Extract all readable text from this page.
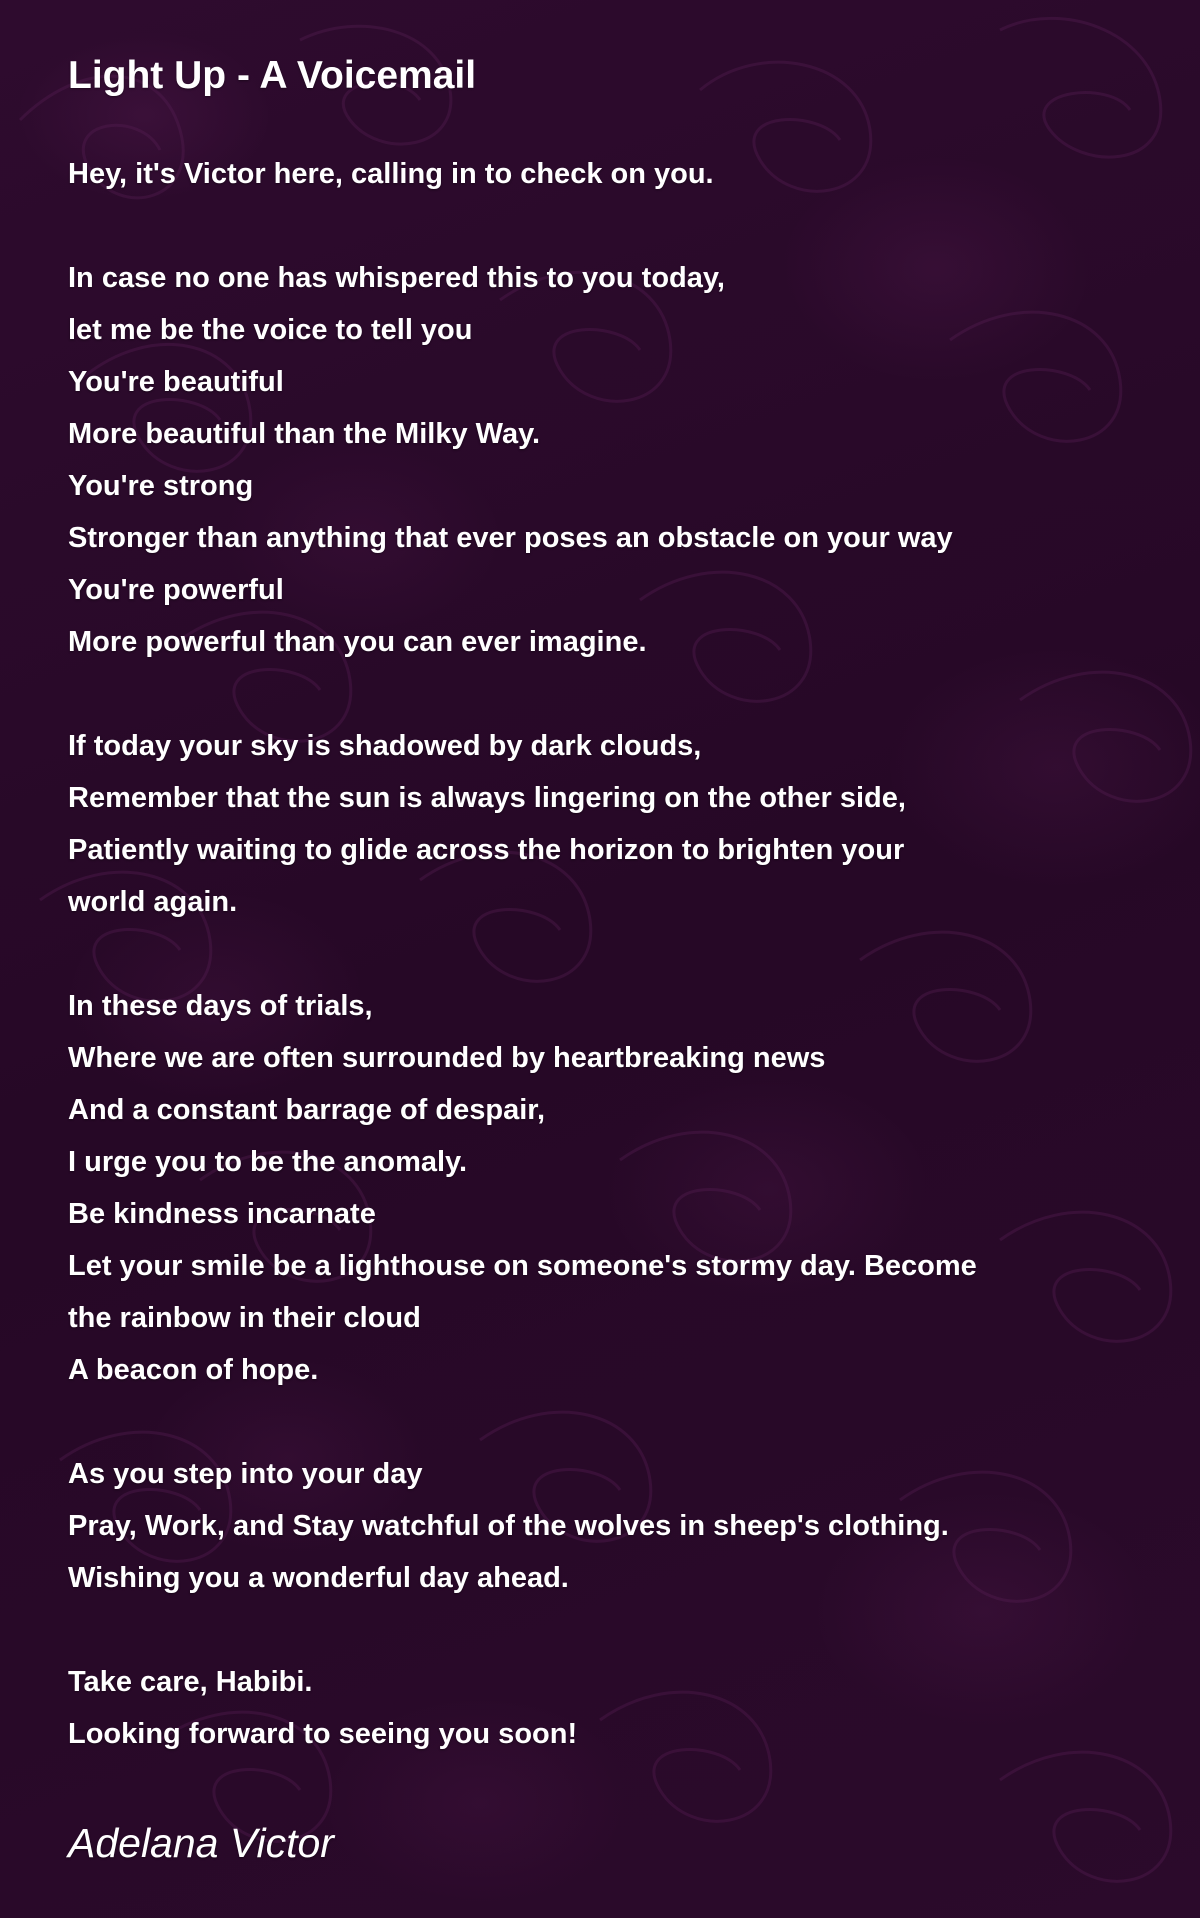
Light Up - A Voicemail
Hey, it's Victor here, calling in to check on you.
In case no one has whispered this to you today,
let me be the voice to tell you
You're beautiful
More beautiful than the Milky Way.
You're strong
Stronger than anything that ever poses an obstacle on your way
You're powerful
More powerful than you can ever imagine.
If today your sky is shadowed by dark clouds,
Remember that the sun is always lingering on the other side,
Patiently waiting to glide across the horizon to brighten your
world again.
In these days of trials,
Where we are often surrounded by heartbreaking news
And a constant barrage of despair,
I urge you to be the anomaly.
Be kindness incarnate
Let your smile be a lighthouse on someone's stormy day. Become
the rainbow in their cloud
A beacon of hope.
As you step into your day
Pray, Work, and Stay watchful of the wolves in sheep's clothing.
Wishing you a wonderful day ahead.
Take care, Habibi.
Looking forward to seeing you soon!
Adelana Victor
